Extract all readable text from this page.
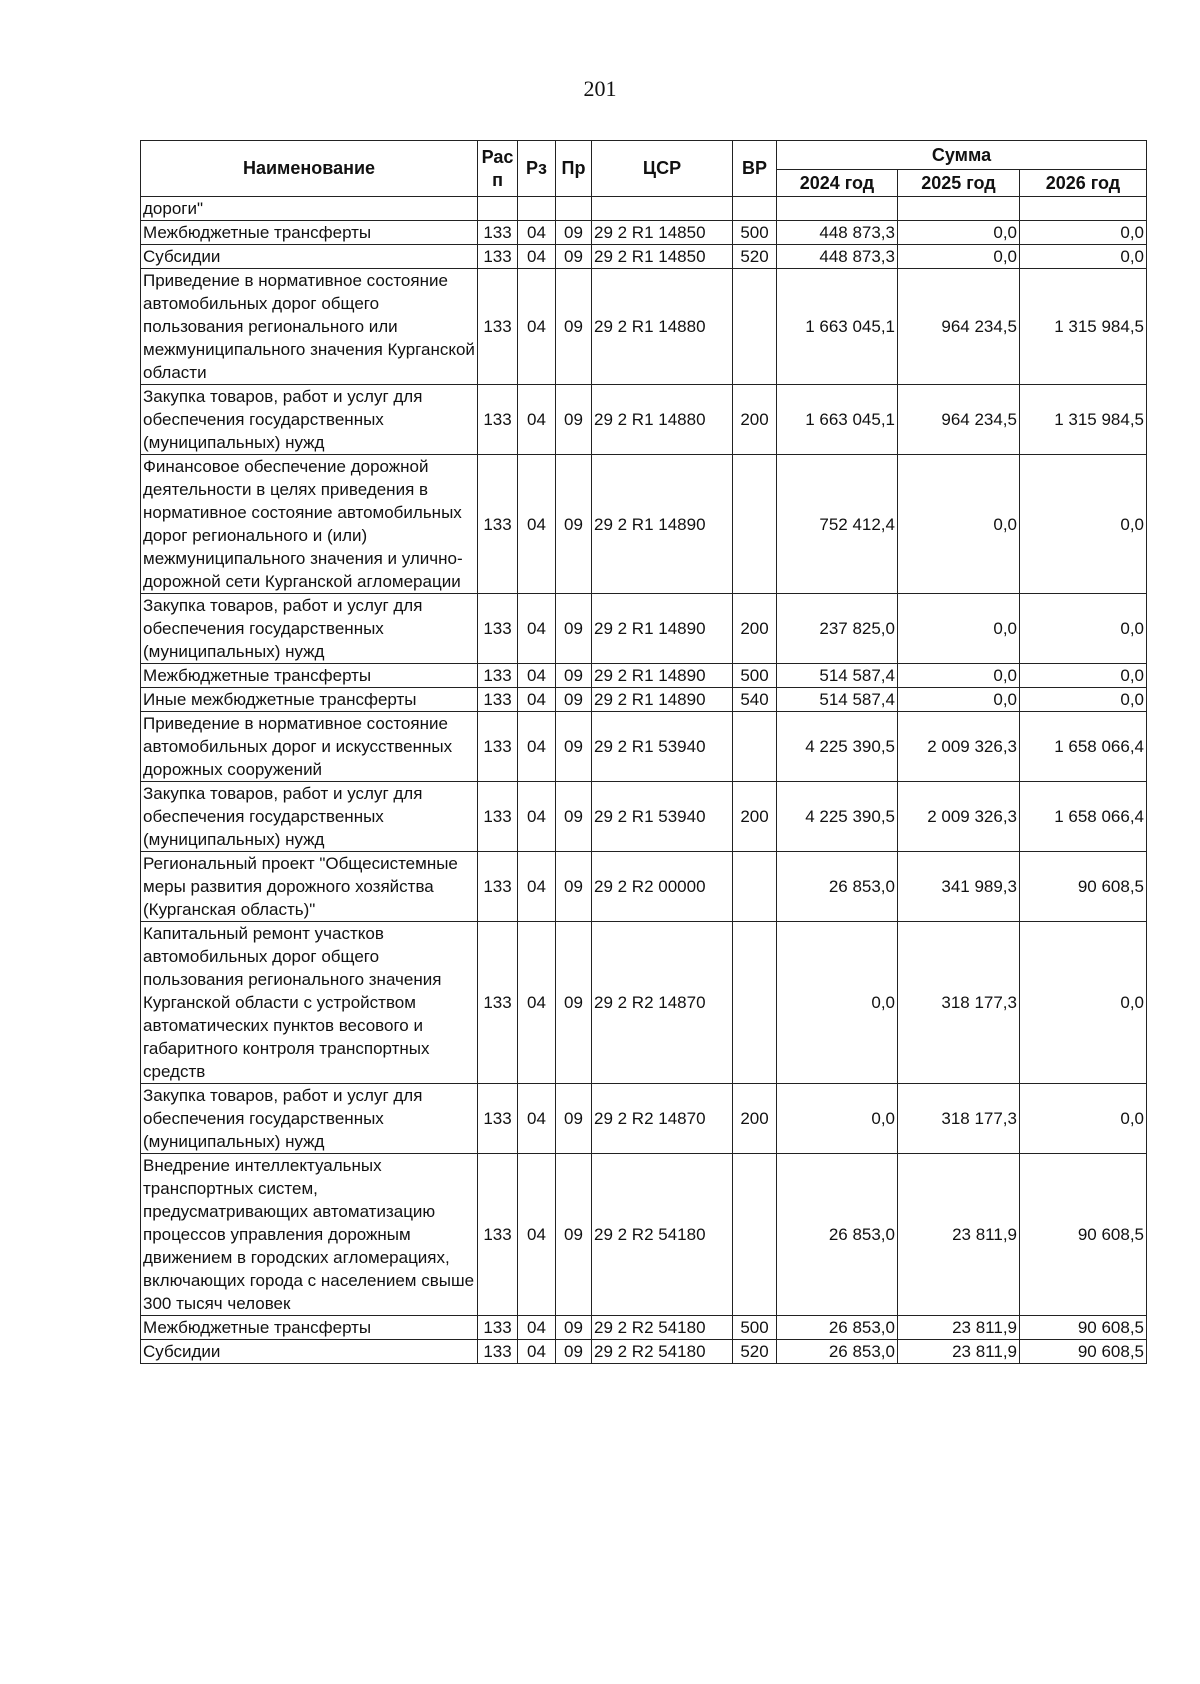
201
Наименование	Рас п	Рз	Пр	ЦСР	ВР	Сумма		
						2024 год	2025 год	2026 год
дороги"								
Межбюджетные трансферты	133	04	09	29 2 R1 14850	500	448 873,3	0,0	0,0
Субсидии	133	04	09	29 2 R1 14850	520	448 873,3	0,0	0,0
Приведение в нормативное состояние автомобильных дорог общего пользования регионального или межмуниципального значения Курганской области	133	04	09	29 2 R1 14880		1 663 045,1	964 234,5	1 315 984,5
Закупка товаров, работ и услуг для обеспечения государственных (муниципальных) нужд	133	04	09	29 2 R1 14880	200	1 663 045,1	964 234,5	1 315 984,5
Финансовое обеспечение дорожной деятельности в целях приведения в нормативное состояние автомобильных дорог регионального и (или) межмуниципального значения и улично-дорожной сети Курганской агломерации	133	04	09	29 2 R1 14890		752 412,4	0,0	0,0
Закупка товаров, работ и услуг для обеспечения государственных (муниципальных) нужд	133	04	09	29 2 R1 14890	200	237 825,0	0,0	0,0
Межбюджетные трансферты	133	04	09	29 2 R1 14890	500	514 587,4	0,0	0,0
Иные межбюджетные трансферты	133	04	09	29 2 R1 14890	540	514 587,4	0,0	0,0
Приведение в нормативное состояние автомобильных дорог и искусственных дорожных сооружений	133	04	09	29 2 R1 53940		4 225 390,5	2 009 326,3	1 658 066,4
Закупка товаров, работ и услуг для обеспечения государственных (муниципальных) нужд	133	04	09	29 2 R1 53940	200	4 225 390,5	2 009 326,3	1 658 066,4
Региональный проект "Общесистемные меры развития дорожного хозяйства (Курганская область)"	133	04	09	29 2 R2 00000		26 853,0	341 989,3	90 608,5
Капитальный ремонт участков автомобильных дорог общего пользования регионального значения Курганской области с устройством автоматических пунктов весового и габаритного контроля транспортных средств	133	04	09	29 2 R2 14870		0,0	318 177,3	0,0
Закупка товаров, работ и услуг для обеспечения государственных (муниципальных) нужд	133	04	09	29 2 R2 14870	200	0,0	318 177,3	0,0
Внедрение интеллектуальных транспортных систем, предусматривающих автоматизацию процессов управления дорожным движением в городских агломерациях, включающих города с населением свыше 300 тысяч человек	133	04	09	29 2 R2 54180		26 853,0	23 811,9	90 608,5
Межбюджетные трансферты	133	04	09	29 2 R2 54180	500	26 853,0	23 811,9	90 608,5
Субсидии	133	04	09	29 2 R2 54180	520	26 853,0	23 811,9	90 608,5
